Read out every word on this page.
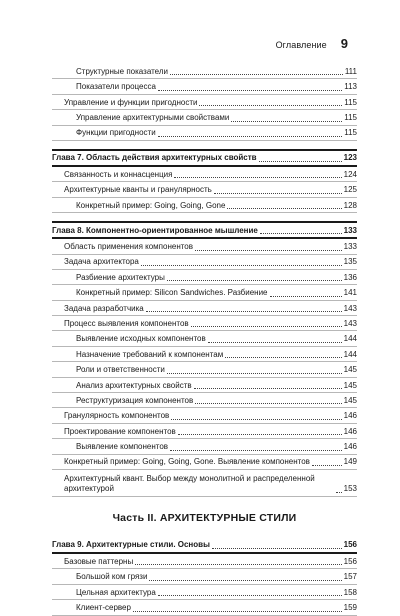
Оглавление 9
Структурные показатели	111
Показатели процесса	113
Управление и функции пригодности	115
Управление архитектурными свойствами	115
Функции пригодности	115
Глава 7. Область действия архитектурных свойств	123
Связанность и коннасценция	124
Архитектурные кванты и гранулярность	125
Конкретный пример: Going, Going, Gone	128
Глава 8. Компонентно-ориентированное мышление	133
Область применения компонентов	133
Задача архитектора	135
Разбиение архитектуры	136
Конкретный пример: Silicon Sandwiches. Разбиение	141
Задача разработчика	143
Процесс выявления компонентов	143
Выявление исходных компонентов	144
Назначение требований к компонентам	144
Роли и ответственности	145
Анализ архитектурных свойств	145
Реструктуризация компонентов	145
Гранулярность компонентов	146
Проектирование компонентов	146
Выявление компонентов	146
Конкретный пример: Going, Going, Gone. Выявление компонентов	149
Архитектурный квант. Выбор между монолитной и распределенной архитектурой	153
Часть II. АРХИТЕКТУРНЫЕ СТИЛИ
Глава 9. Архитектурные стили. Основы	156
Базовые паттерны	156
Большой ком грязи	157
Цельная архитектура	158
Клиент-сервер	159
